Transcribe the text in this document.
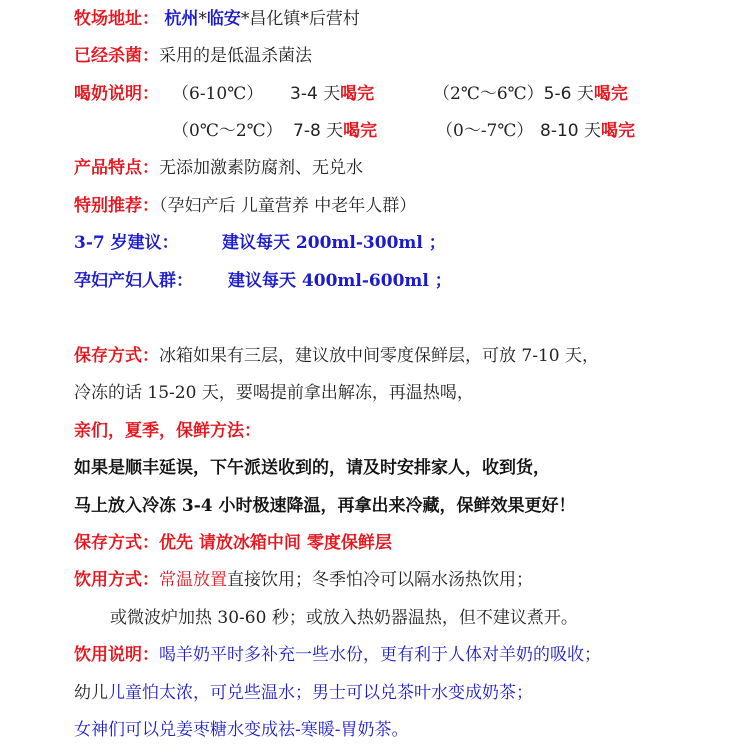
牧场地址： 杭州*临安*昌化镇*后营村
已经杀菌：采用的是低温杀菌法
喝奶说明： （6-10℃） 3-4 天喝完	（2℃～6℃）5-6 天喝完
（0℃～2℃） 7-8 天喝完	（0～-7℃） 8-10 天喝完
产品特点：无添加激素防腐剂、无兑水
特别推荐：（孕妇产后 儿童营养 中老年人群）
3-7 岁建议：	建议每天 200ml-300ml ；
孕妇产妇人群： 建议每天 400ml-600ml ；
保存方式：冰箱如果有三层，建议放中间零度保鲜层，可放 7-10 天，
冷冻的话 15-20 天，要喝提前拿出解冻，再温热喝，
亲们，夏季，保鲜方法：
如果是顺丰延误，下午派送收到的，请及时安排家人，收到货，
马上放入冷冻 3-4 小时极速降温，再拿出来冷藏，保鲜效果更好！
保存方式：优先 请放冰箱中间 零度保鲜层
饮用方式：常温放置直接饮用；冬季怕冷可以隔水汤热饮用；
或微波炉加热 30-60 秒；或放入热奶器温热，但不建议煮开。
饮用说明：喝羊奶平时多补充一些水份，更有利于人体对羊奶的吸收；
幼儿儿童怕太浓，可兑些温水；男士可以兑茶叶水变成奶茶；
女神们可以兑姜枣糖水变成祛-寒暖-胃奶茶。
